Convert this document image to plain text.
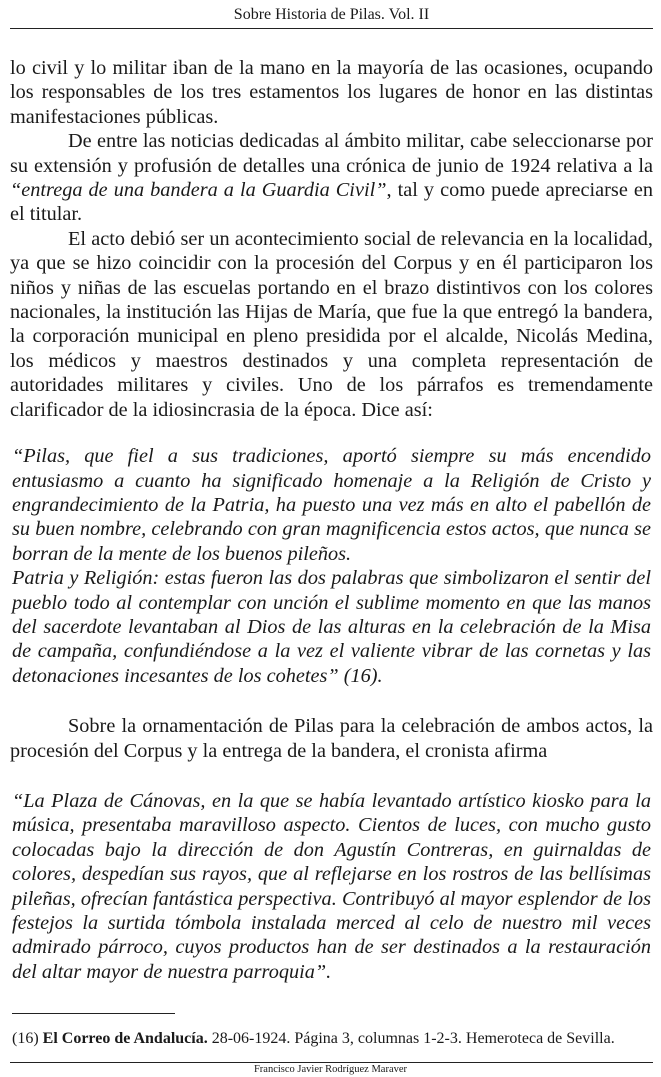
Sobre Historia de Pilas. Vol. II

lo civil y lo militar iban de la mano en la mayoría de las ocasiones, ocupando los responsables de los tres estamentos los lugares de honor en las distintas manifestaciones públicas.

De entre las noticias dedicadas al ámbito militar, cabe seleccionarse por su extensión y profusión de detalles una crónica de junio de 1924 relativa a la “entrega de una bandera a la Guardia Civil”, tal y como puede apreciarse en el titular.

El acto debió ser un acontecimiento social de relevancia en la localidad, ya que se hizo coincidir con la procesión del Corpus y en él participaron los niños y niñas de las escuelas portando en el brazo distintivos con los colores nacionales, la institución las Hijas de María, que fue la que entregó la bandera, la corporación municipal en pleno presidida por el alcalde, Nicolás Medina, los médicos y maestros destinados y una completa representación de autoridades militares y civiles. Uno de los párrafos es tremendamente clarificador de la idiosincrasia de la época. Dice así:

“Pilas, que fiel a sus tradiciones, aportó siempre su más encendido entusiasmo a cuanto ha significado homenaje a la Religión de Cristo y engrandecimiento de la Patria, ha puesto una vez más en alto el pabellón de su buen nombre, celebrando con gran magnificencia estos actos, que nunca se borran de la mente de los buenos pileños.

Patria y Religión: estas fueron las dos palabras que simbolizaron el sentir del pueblo todo al contemplar con unción el sublime momento en que las manos del sacerdote levantaban al Dios de las alturas en la celebración de la Misa de campaña, confundiéndose a la vez el valiente vibrar de las cornetas y las detonaciones incesantes de los cohetes” (16).

Sobre la ornamentación de Pilas para la celebración de ambos actos, la procesión del Corpus y la entrega de la bandera, el cronista afirma

“La Plaza de Cánovas, en la que se había levantado artístico kiosko para la música, presentaba maravilloso aspecto. Cientos de luces, con mucho gusto colocadas bajo la dirección de don Agustín Contreras, en guirnaldas de colores, despedían sus rayos, que al reflejarse en los rostros de las bellísimas pileñas, ofrecían fantástica perspectiva. Contribuyó al mayor esplendor de los festejos la surtida tómbola instalada merced al celo de nuestro mil veces admirado párroco, cuyos productos han de ser destinados a la restauración del altar mayor de nuestra parroquia”.

(16) El Correo de Andalucía. 28-06-1924. Página 3, columnas 1-2-3. Hemeroteca de Sevilla.
Francisco Javier Rodríguez Maraver
